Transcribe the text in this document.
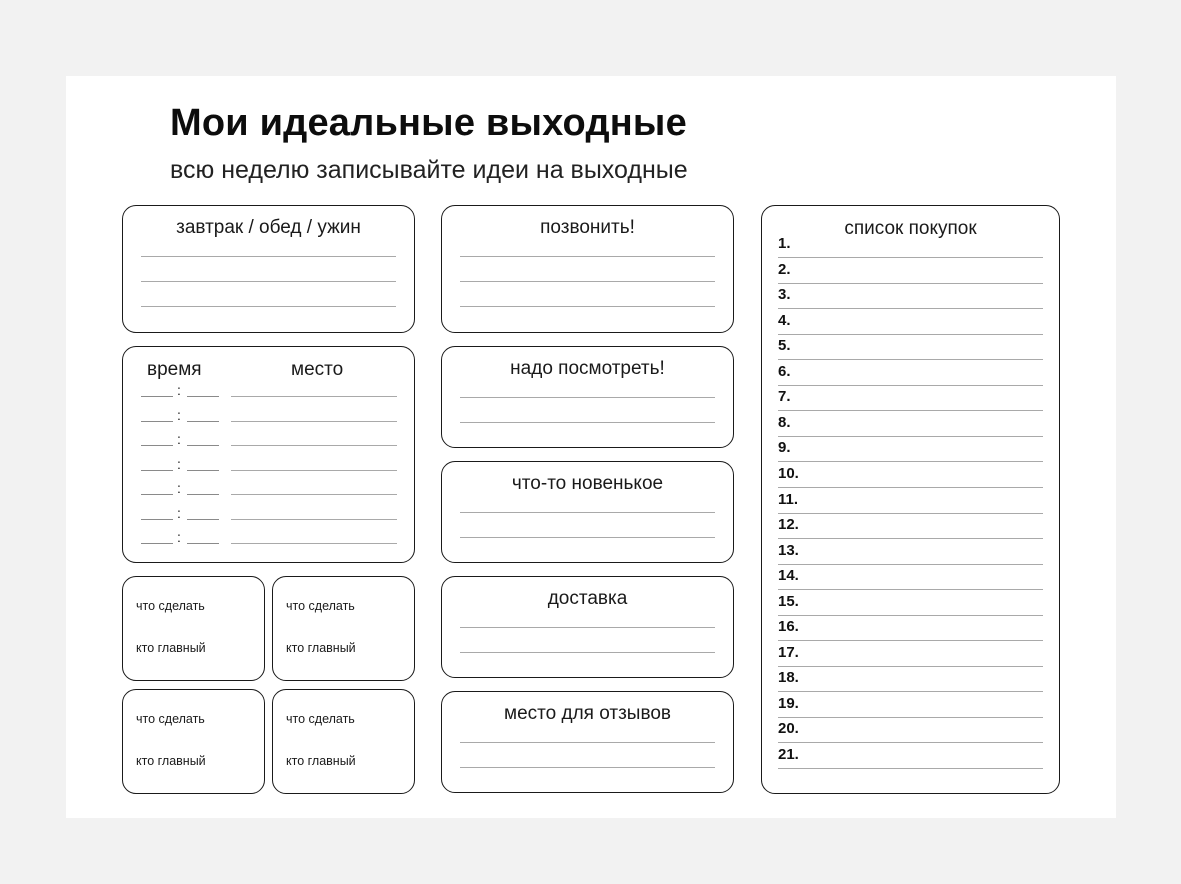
Мои идеальные выходные
всю неделю записывайте идеи на выходные
завтрак / обед / ужин
время	место
:
:
:
:
:
:
:
что сделать
кто главный
что сделать
кто главный
что сделать
кто главный
что сделать
кто главный
позвонить!
надо посмотреть!
что-то новенькое
доставка
место для отзывов
список покупок
1.
2.
3.
4.
5.
6.
7.
8.
9.
10.
11.
12.
13.
14.
15.
16.
17.
18.
19.
20.
21.
